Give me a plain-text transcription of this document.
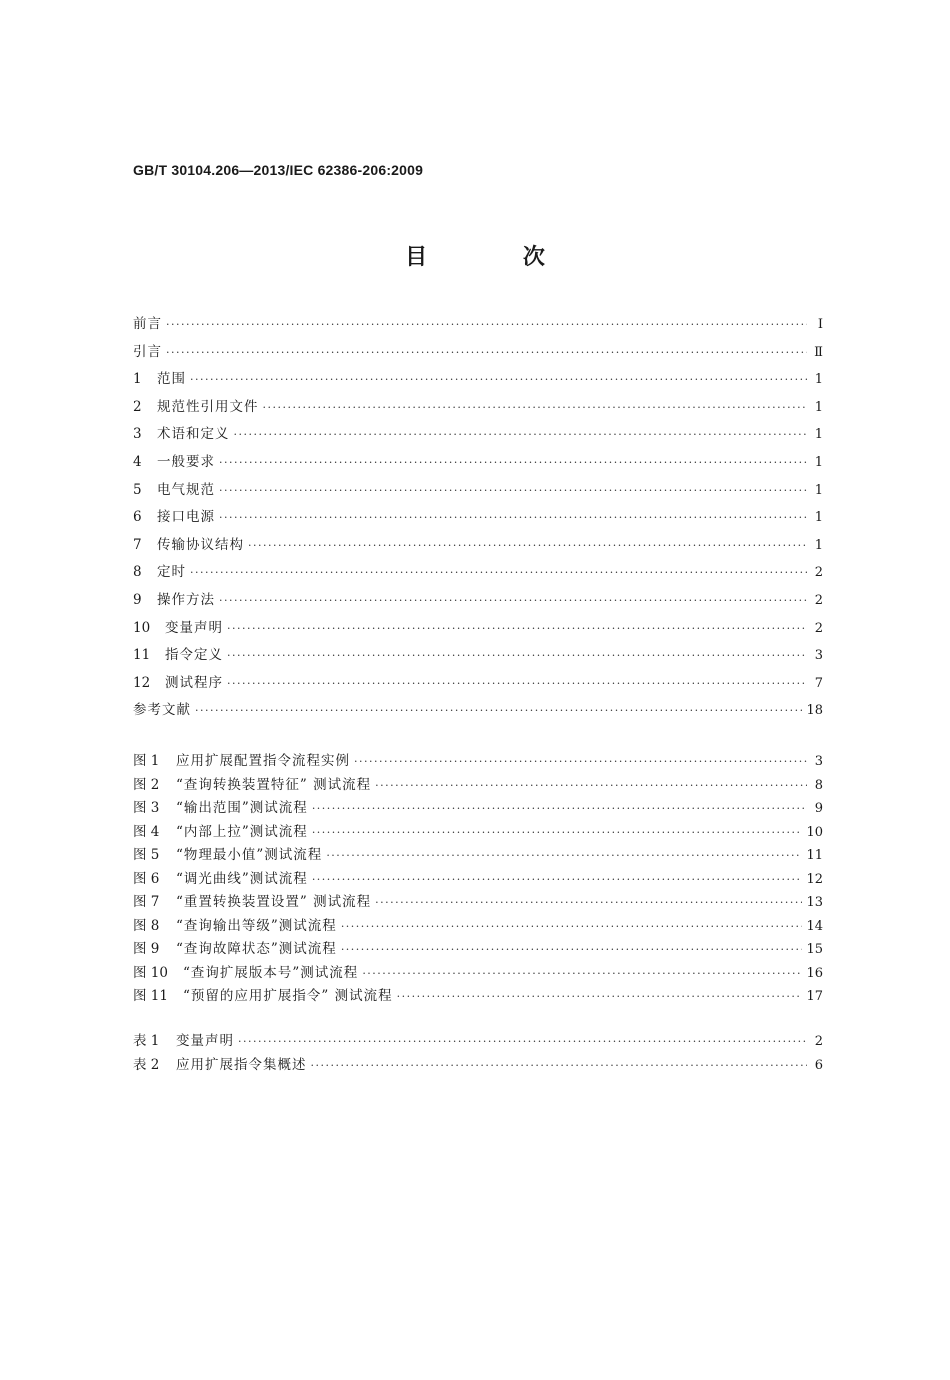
GB/T 30104.206—2013/IEC 62386-206:2009
目 次
前言 ·····	Ⅰ
引言 ·····	Ⅱ
1	范围 ·····	1
2	规范性引用文件 ·····	1
3	术语和定义 ·····	1
4	一般要求 ·····	1
5	电气规范 ·····	1
6	接口电源 ·····	1
7	传输协议结构 ·····	1
8	定时 ·····	2
9	操作方法 ·····	2
10	变量声明 ·····	2
11	指令定义 ·····	3
12	测试程序 ·····	7
参考文献 ·····	18
图 1	应用扩展配置指令流程实例 ·····	3
图 2	“查询转换装置特征” 测试流程 ·····	8
图 3	“输出范围”测试流程 ·····	9
图 4	“内部上拉”测试流程 ·····	10
图 5	“物理最小值”测试流程 ·····	11
图 6	“调光曲线”测试流程 ·····	12
图 7	“重置转换装置设置” 测试流程 ·····	13
图 8	“查询输出等级”测试流程 ·····	14
图 9	“查询故障状态”测试流程 ·····	15
图 10	“查询扩展版本号”测试流程 ·····	16
图 11	“预留的应用扩展指令” 测试流程 ·····	17
表 1	变量声明 ·····	2
表 2	应用扩展指令集概述 ·····	6
